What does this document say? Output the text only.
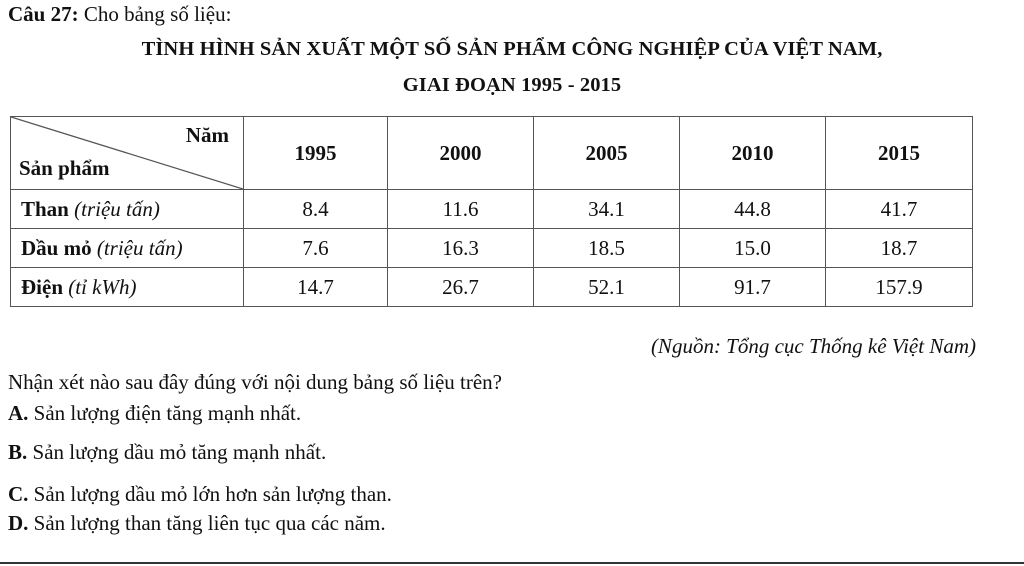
Câu 27: Cho bảng số liệu:
TÌNH HÌNH SẢN XUẤT MỘT SỐ SẢN PHẨM CÔNG NGHIỆP CỦA VIỆT NAM,
GIAI ĐOẠN 1995 - 2015
Năm
Sản phẩm	1995	2000	2005	2010	2015
Than (triệu tấn)	8.4	11.6	34.1	44.8	41.7
Dầu mỏ (triệu tấn)	7.6	16.3	18.5	15.0	18.7
Điện (tỉ kWh)	14.7	26.7	52.1	91.7	157.9
(Nguồn: Tổng cục Thống kê Việt Nam)
Nhận xét nào sau đây đúng với nội dung bảng số liệu trên?
A. Sản lượng điện tăng mạnh nhất.
B. Sản lượng dầu mỏ tăng mạnh nhất.
C. Sản lượng dầu mỏ lớn hơn sản lượng than.
D. Sản lượng than tăng liên tục qua các năm.
